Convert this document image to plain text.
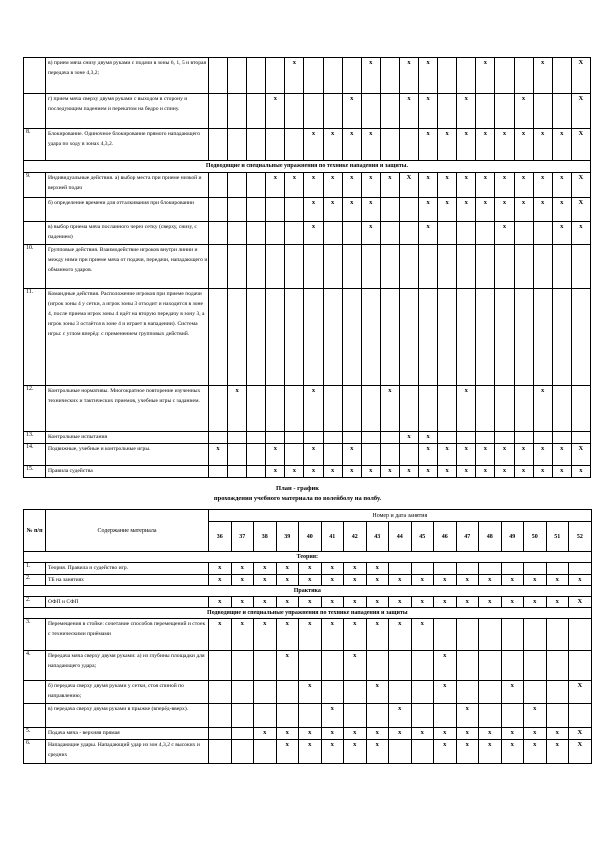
	в) прием мяча снизу двумя руками с подачи в зоны 6, 1, 5 и вторая передача в зоне 4,3,2;					x				x		x	x			x			x		X
	г) прием мяча сверху двумя руками с выходом в сторону и последующим падением и перекатом на бедро и спину.				x				x			x	x		x			x			X
8.	Блокирование. Одиночное блокирование прямого нападающего удара по ходу в зонах 4,3,2.						x	x	x	x			x	x	x	x	x	x	x	x	X
Подводящие и специальные упражнения по технике нападения и защиты.																					
9.	Индивидуальные действия. а) выбор места при приеме низкой и верхней подач				x	x	x	x	x	x	x	X	x	x	x	x	x	x	x	x	X
	б) определение времени для отталкивания при блокировании						x	x	x	x			x	x	x	x	x	x	x	x	X
	в) выбор приема мяча посланного через сетку (сверху, снизу, с падением)						x			x			x				x			x	x
10.	Групповые действия. Взаимодействие игроков внутри линии и между ними при приеме мяча от подачи, передачи, нападающего и обманного ударов.																				
11.	Командные действия. Расположение игроков при приеме подачи (игрок зоны 4 у сетки, а игрок зоны 3 отходит и находится в зоне 4, после приема игрок зоны 4 идёт на вторую передачу в зону 3, а игрок зоны 3 остаётся в зоне 4 и играет в нападении). Система игры: с углом вперёд: с применением групповых действий.																				
12.	Контрольные нормативы. Многократное повторение изученных технических и тактических приемов, учебные игры с заданием.		x				x				x				x				x		
13.	Контрольные испытания											x	x								
14.	Подвижные, учебные и контрольные игры.	x			x		x		x				x	x	x	x	x	x	x	x	X
15.	Правила судейства				x	x	x	x	x	x	x	x	x	x	x	x	x	x	x	x	x
План - график
прохождения учебного материала по волейболу на полбу.
№ п/п	Содержание материала	Номер и дата занятия																
		36	37	38	39	40	41	42	43	44	45	46	47	48	49	50	51	52
Теория:																		
1.	Теория. Правила и судейство игр.	x	x	x	x	x	x	x	x									
2.	ТБ на занятиях	x	x	x	x	x	x	x	x	x	x	x	x	x	x	x	x	x
Практика																		
2.	ОФП и СФП	x	x	x	x	x	x	x	x	x	x	x	x	x	x	x	x	X
Подводящие и специальные упражнения по технике нападения и защиты																		
3.	Перемещения в стойке: сочетание способов перемещений и стоек с техническими приёмами	x	x	x	x	x	x	x	x	x	x							
4.	Передача мяча сверху двумя руками: а) из глубины площадки для нападающего удара;				x			x				x						
	б) передача сверху двумя руками у сетки, стоя спиной по направлению;					x			x			x			x			X
	в) передача сверху двумя руками в прыжке (вперёд-вверх).						x			x			x			x		
5.	Подача мяча - верхняя прямая			x	x	x	x	x	x	x	x	x	x	x	x	x	x	X
6.	Нападающие удары. Нападающий удар из зон 4,3,2 с высоких и средних				x	x	x	x	x			x	x	x	x	x	x	X
